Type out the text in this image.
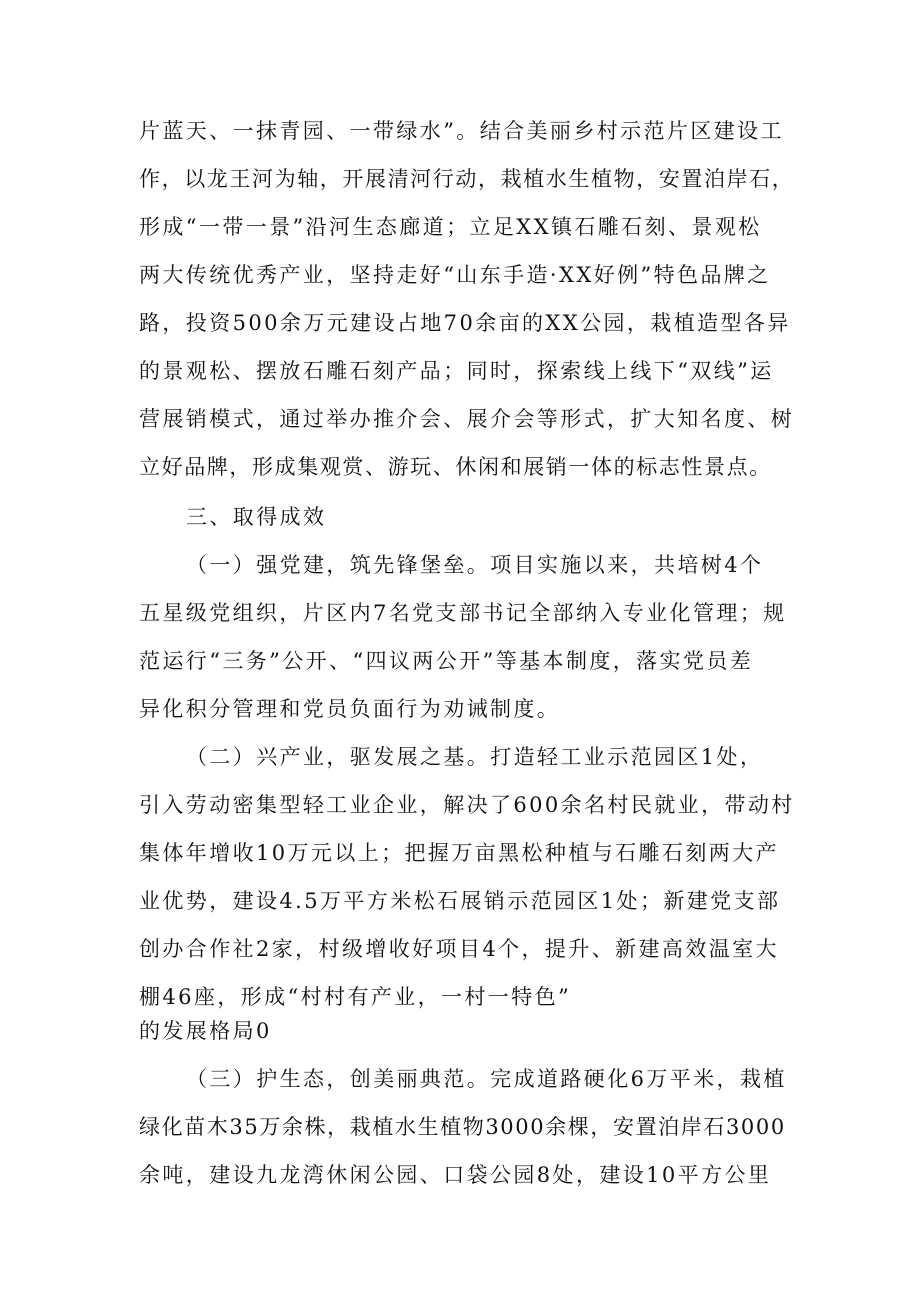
片蓝天、一抹青园、一带绿水”。结合美丽乡村示范片区建设工
作，以龙王河为轴，开展清河行动，栽植水生植物，安置泊岸石，
形成“一带一景”沿河生态廊道；立足XX镇石雕石刻、景观松
两大传统优秀产业，坚持走好“山东手造·XX好例”特色品牌之
路，投资500余万元建设占地70余亩的XX公园，栽植造型各异
的景观松、摆放石雕石刻产品；同时，探索线上线下“双线”运
营展销模式，通过举办推介会、展介会等形式，扩大知名度、树
立好品牌，形成集观赏、游玩、休闲和展销一体的标志性景点。
三、取得成效
（一）强党建，筑先锋堡垒。项目实施以来，共培树4个
五星级党组织，片区内7名党支部书记全部纳入专业化管理；规
范运行“三务”公开、“四议两公开”等基本制度，落实党员差
异化积分管理和党员负面行为劝诫制度。
（二）兴产业，驱发展之基。打造轻工业示范园区1处，
引入劳动密集型轻工业企业，解决了600余名村民就业，带动村
集体年增收10万元以上；把握万亩黑松种植与石雕石刻两大产
业优势，建设4.5万平方米松石展销示范园区1处；新建党支部
创办合作社2家，村级增收好项目4个，提升、新建高效温室大
棚46座，形成“村村有产业，一村一特色”
的发展格局0
（三）护生态，创美丽典范。完成道路硬化6万平米，栽植
绿化苗木35万余株，栽植水生植物3000余棵，安置泊岸石3000
余吨，建设九龙湾休闲公园、口袋公园8处，建设10平方公里
